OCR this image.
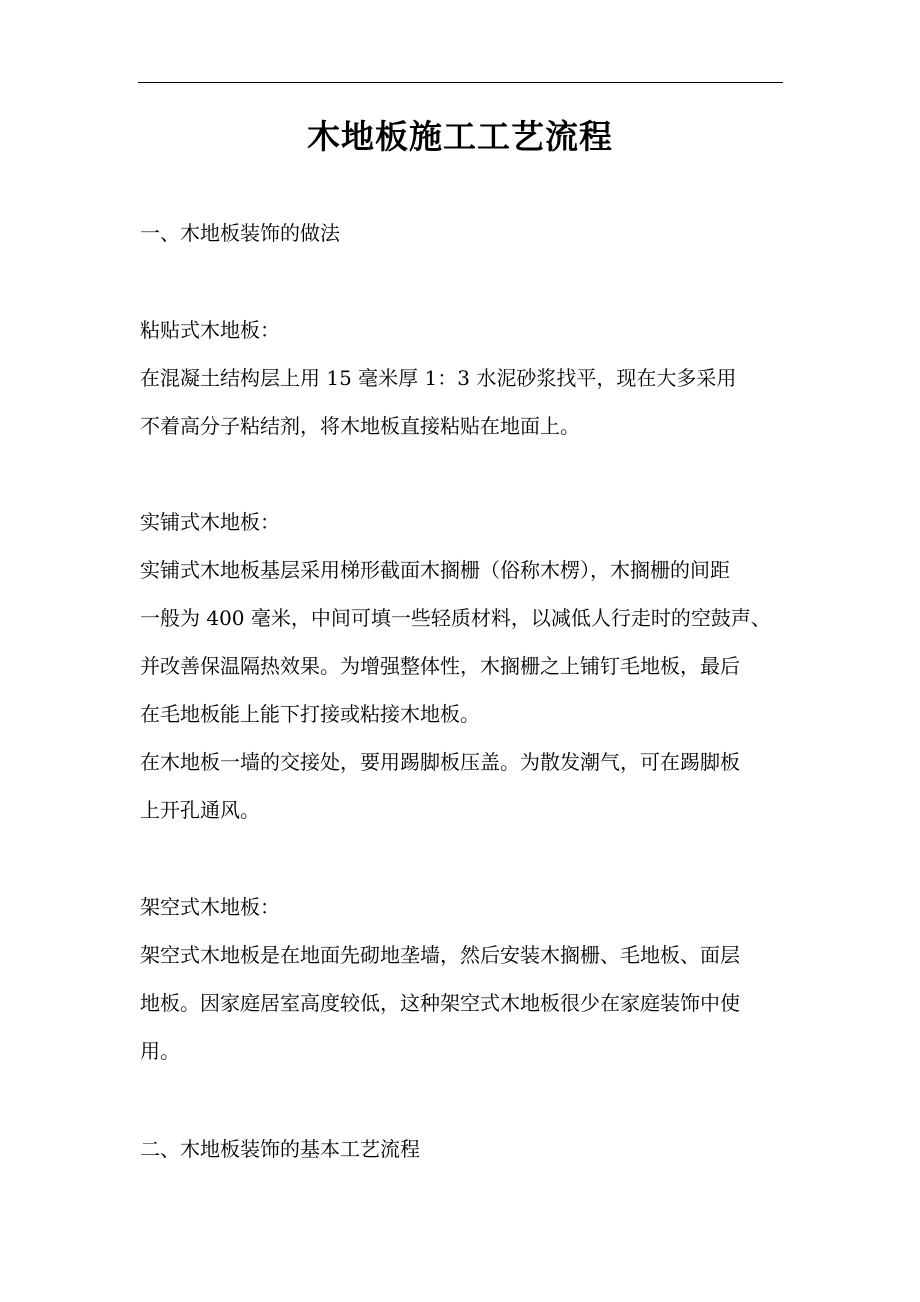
木地板施工工艺流程
一、木地板装饰的做法
粘贴式木地板：
在混凝土结构层上用 15 毫米厚 1：3 水泥砂浆找平，现在大多采用
不着高分子粘结剂，将木地板直接粘贴在地面上。
实铺式木地板：
实铺式木地板基层采用梯形截面木搁栅（俗称木楞），木搁栅的间距
一般为 400 毫米，中间可填一些轻质材料，以减低人行走时的空鼓声、
并改善保温隔热效果。为增强整体性，木搁栅之上铺钉毛地板，最后
在毛地板能上能下打接或粘接木地板。
在木地板一墙的交接处，要用踢脚板压盖。为散发潮气，可在踢脚板
上开孔通风。
架空式木地板：
架空式木地板是在地面先砌地垄墙，然后安装木搁栅、毛地板、面层
地板。因家庭居室高度较低，这种架空式木地板很少在家庭装饰中使
用。
二、木地板装饰的基本工艺流程
